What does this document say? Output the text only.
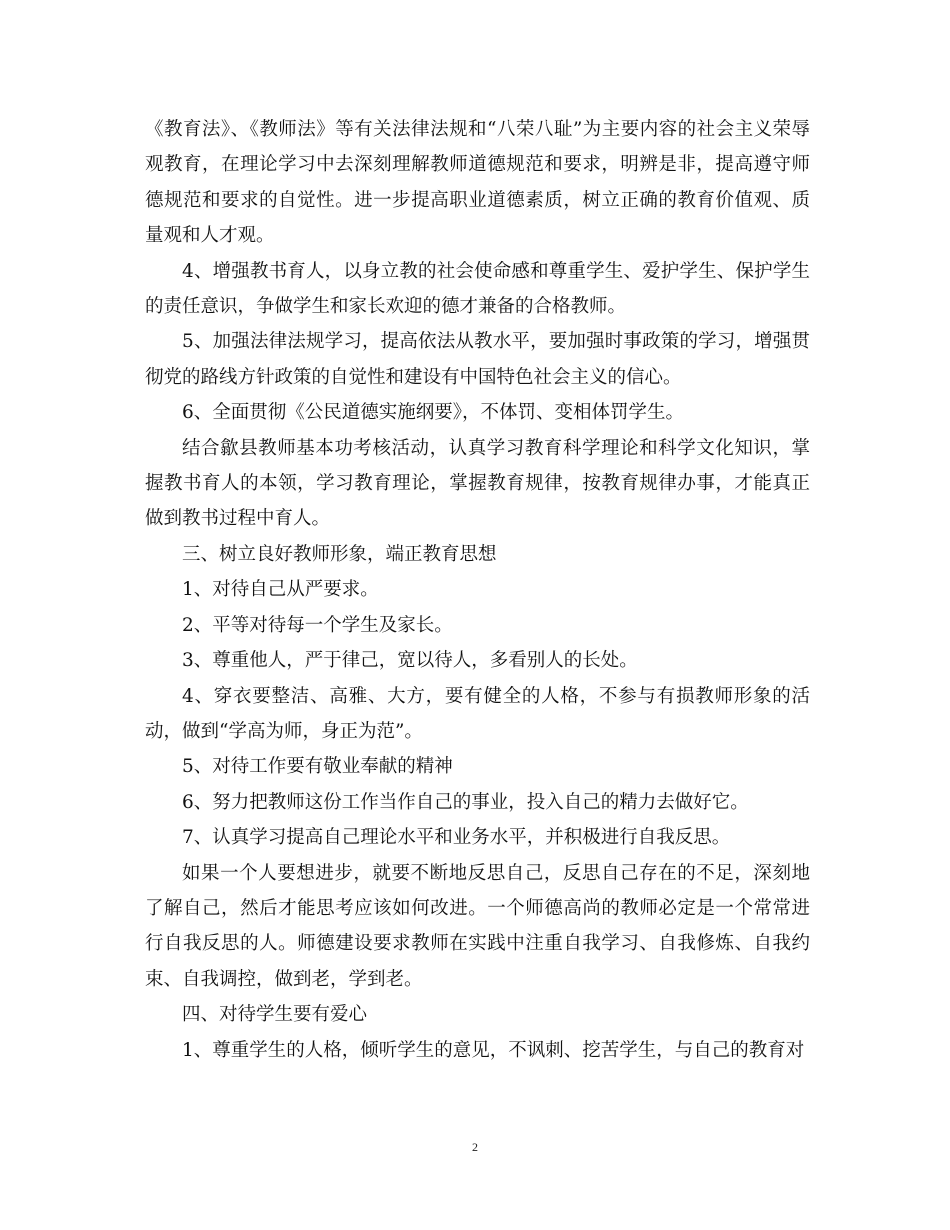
《教育法》、《教师法》等有关法律法规和“八荣八耻”为主要内容的社会主义荣辱观教育，在理论学习中去深刻理解教师道德规范和要求，明辨是非，提高遵守师德规范和要求的自觉性。进一步提高职业道德素质，树立正确的教育价值观、质量观和人才观。

4、增强教书育人，以身立教的社会使命感和尊重学生、爱护学生、保护学生的责任意识，争做学生和家长欢迎的德才兼备的合格教师。

5、加强法律法规学习，提高依法从教水平，要加强时事政策的学习，增强贯彻党的路线方针政策的自觉性和建设有中国特色社会主义的信心。

6、全面贯彻《公民道德实施纲要》，不体罚、变相体罚学生。

结合歙县教师基本功考核活动，认真学习教育科学理论和科学文化知识，掌握教书育人的本领，学习教育理论，掌握教育规律，按教育规律办事，才能真正做到教书过程中育人。

三、树立良好教师形象，端正教育思想

1、对待自己从严要求。

2、平等对待每一个学生及家长。

3、尊重他人，严于律己，宽以待人，多看别人的长处。

4、穿衣要整洁、高雅、大方，要有健全的人格，不参与有损教师形象的活动，做到“学高为师，身正为范”。

5、对待工作要有敬业奉献的精神

6、努力把教师这份工作当作自己的事业，投入自己的精力去做好它。

7、认真学习提高自己理论水平和业务水平，并积极进行自我反思。

如果一个人要想进步，就要不断地反思自己，反思自己存在的不足，深刻地了解自己，然后才能思考应该如何改进。一个师德高尚的教师必定是一个常常进行自我反思的人。师德建设要求教师在实践中注重自我学习、自我修炼、自我约束、自我调控，做到老，学到老。

四、对待学生要有爱心

1、尊重学生的人格，倾听学生的意见，不讽刺、挖苦学生，与自己的教育对

2
